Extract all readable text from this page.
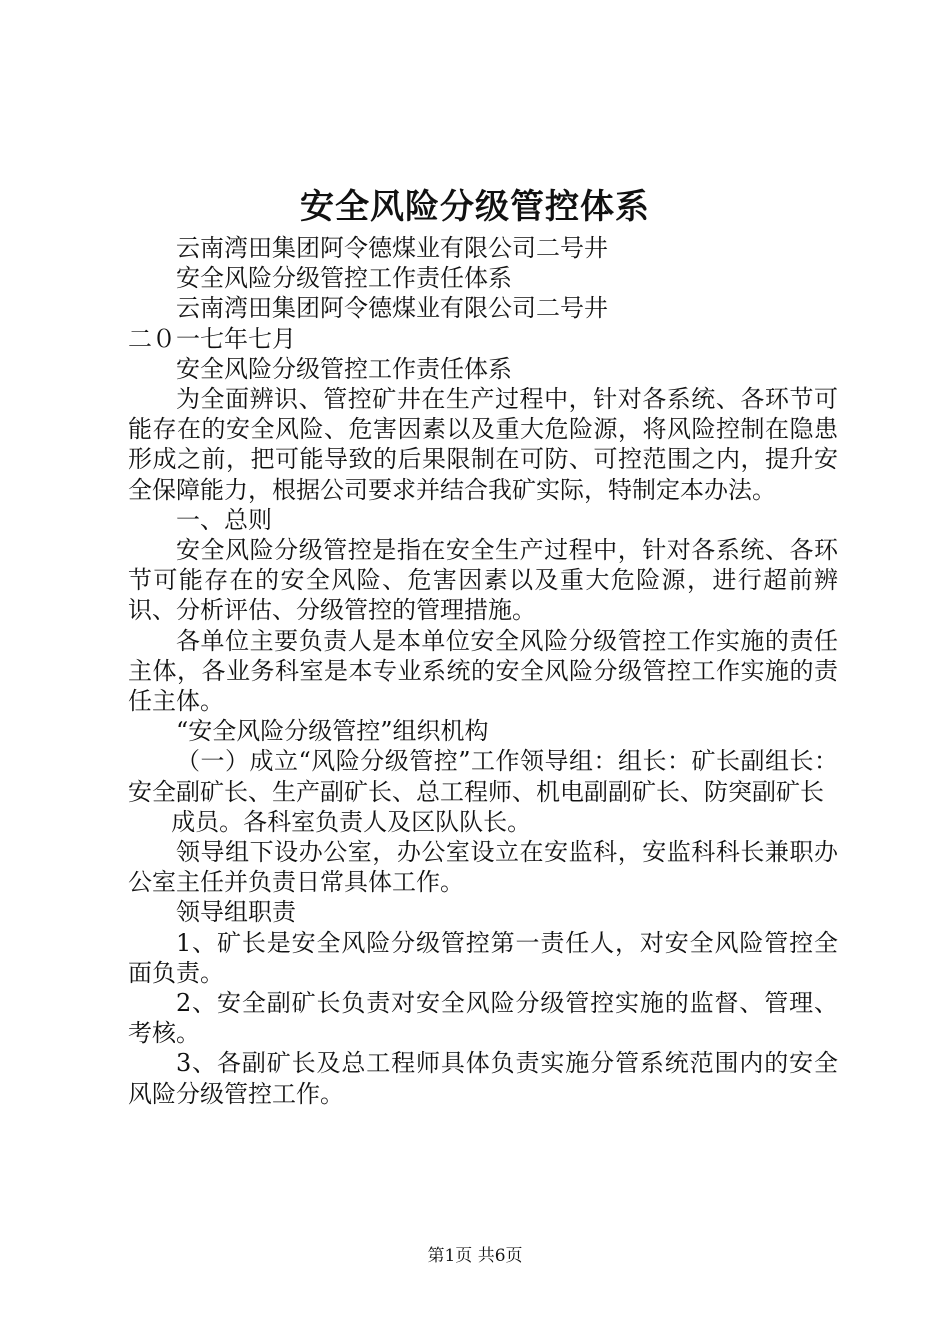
安全风险分级管控体系

云南湾田集团阿令德煤业有限公司二号井

安全风险分级管控工作责任体系

云南湾田集团阿令德煤业有限公司二号井

二０一七年七月

安全风险分级管控工作责任体系

为全面辨识、管控矿井在生产过程中，针对各系统、各环节可能存在的安全风险、危害因素以及重大危险源，将风险控制在隐患形成之前，把可能导致的后果限制在可防、可控范围之内，提升安全保障能力，根据公司要求并结合我矿实际，特制定本办法。

一、总则

安全风险分级管控是指在安全生产过程中，针对各系统、各环节可能存在的安全风险、危害因素以及重大危险源，进行超前辨识、分析评估、分级管控的管理措施。

各单位主要负责人是本单位安全风险分级管控工作实施的责任主体，各业务科室是本专业系统的安全风险分级管控工作实施的责任主体。

“安全风险分级管控”组织机构

（一）成立“风险分级管控”工作领导组：组长：矿长副组长：安全副矿长、生产副矿长、总工程师、机电副副矿长、防突副矿长

成员。各科室负责人及区队队长。

领导组下设办公室，办公室设立在安监科，安监科科长兼职办公室主任并负责日常具体工作。

领导组职责

1、矿长是安全风险分级管控第一责任人，对安全风险管控全面负责。

2、安全副矿长负责对安全风险分级管控实施的监督、管理、考核。

3、各副矿长及总工程师具体负责实施分管系统范围内的安全风险分级管控工作。

第1页 共6页
